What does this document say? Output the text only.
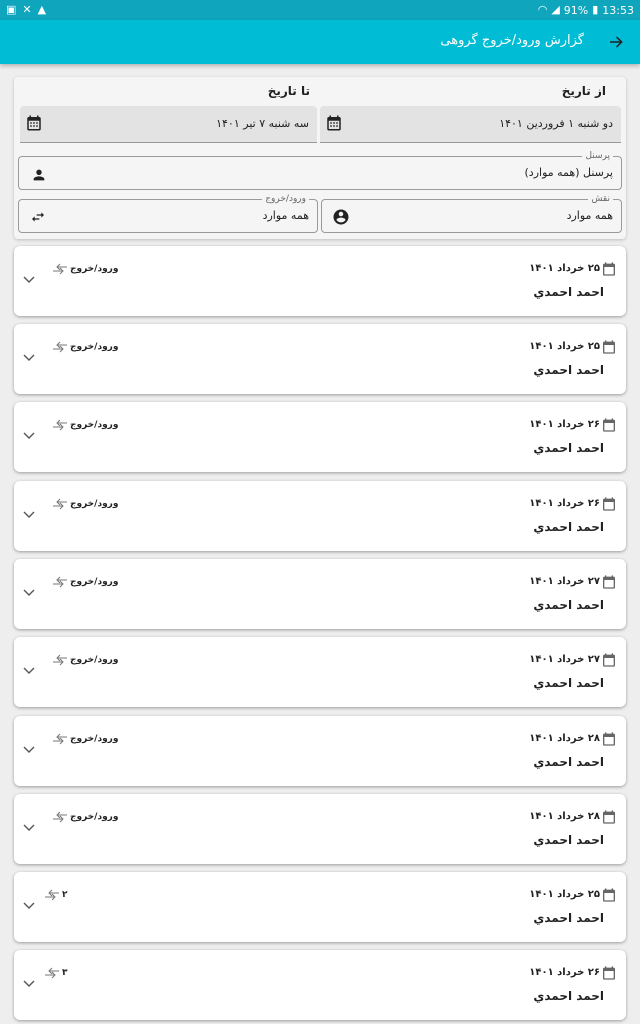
▣ ✕ ▲	◠ ◢ 91% ▮ 13:53
گزارش ورود/خروج گروهی
از تاریخ
تا تاریخ
دو شنبه ۱ فروردین ۱۴۰۱
سه شنبه ۷ تیر ۱۴۰۱
پرسنل
پرسنل (همه موارد)
نقش
همه موارد
ورود/خروج
همه موارد
۲۵ خرداد ۱۴۰۱
احمد احمدي
ورود/خروج
۲۵ خرداد ۱۴۰۱
احمد احمدي
ورود/خروج
۲۶ خرداد ۱۴۰۱
احمد احمدي
ورود/خروج
۲۶ خرداد ۱۴۰۱
احمد احمدي
ورود/خروج
۲۷ خرداد ۱۴۰۱
احمد احمدي
ورود/خروج
۲۷ خرداد ۱۴۰۱
احمد احمدي
ورود/خروج
۲۸ خرداد ۱۴۰۱
احمد احمدي
ورود/خروج
۲۸ خرداد ۱۴۰۱
احمد احمدي
ورود/خروج
۲۵ خرداد ۱۴۰۱
احمد احمدي
۲
۲۶ خرداد ۱۴۰۱
احمد احمدي
۳
